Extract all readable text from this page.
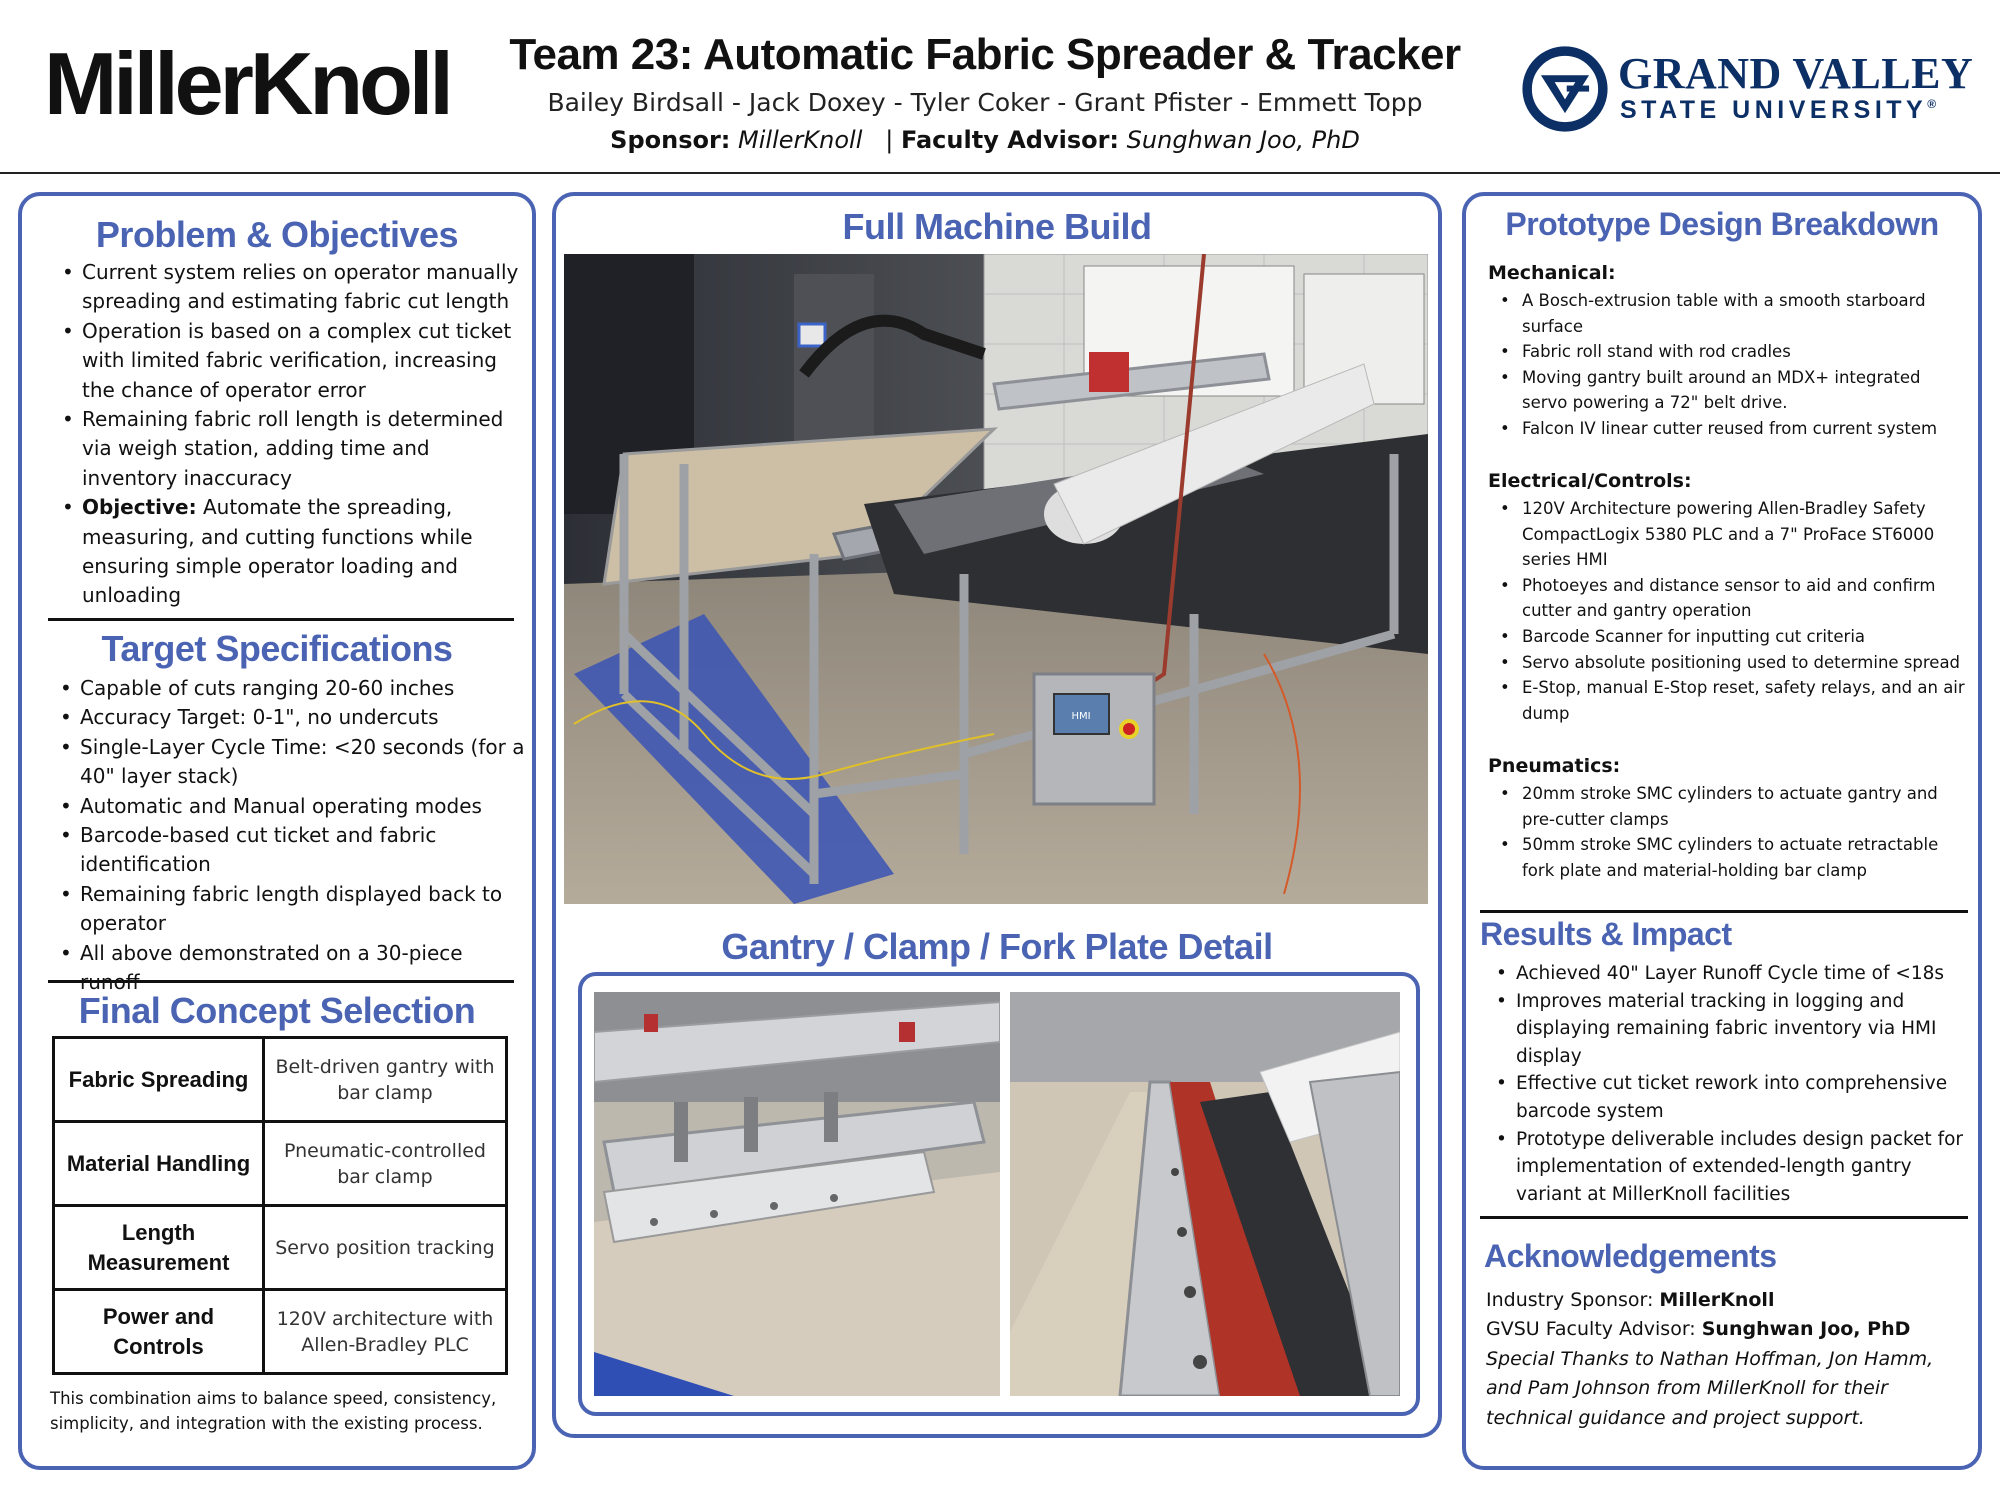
MillerKnoll	Team 23: Automatic Fabric Spreader & Tracker
Bailey Birdsall - Jack Doxey - Tyler Coker - Grant Pfister - Emmett Topp
Sponsor: MillerKnoll | Faculty Advisor: Sunghwan Joo, PhD
GRAND VALLEY
STATE UNIVERSITY®
Problem & Objectives
• Current system relies on operator manually spreading and estimating fabric cut length
• Operation is based on a complex cut ticket with limited fabric verification, increasing the chance of operator error
• Remaining fabric roll length is determined via weigh station, adding time and inventory inaccuracy
• Objective: Automate the spreading, measuring, and cutting functions while ensuring simple operator loading and unloading
Target Specifications
• Capable of cuts ranging 20-60 inches
• Accuracy Target: 0-1", no undercuts
• Single-Layer Cycle Time: <20 seconds (for a 40" layer stack)
• Automatic and Manual operating modes
• Barcode-based cut ticket and fabric identification
• Remaining fabric length displayed back to operator
• All above demonstrated on a 30-piece runoff
Final Concept Selection
Fabric Spreading	Belt-driven gantry with bar clamp
Material Handling	Pneumatic-controlled bar clamp
Length Measurement	Servo position tracking
Power and Controls	120V architecture with Allen-Bradley PLC
This combination aims to balance speed, consistency, simplicity, and integration with the existing process.
Full Machine Build
HMI
Gantry / Clamp / Fork Plate Detail
Prototype Design Breakdown
Mechanical:
• A Bosch-extrusion table with a smooth starboard surface
• Fabric roll stand with rod cradles
• Moving gantry built around an MDX+ integrated servo powering a 72" belt drive.
• Falcon IV linear cutter reused from current system
Electrical/Controls:
• 120V Architecture powering Allen-Bradley Safety CompactLogix 5380 PLC and a 7" ProFace ST6000 series HMI
• Photoeyes and distance sensor to aid and confirm cutter and gantry operation
• Barcode Scanner for inputting cut criteria
• Servo absolute positioning used to determine spread
• E-Stop, manual E-Stop reset, safety relays, and an air dump
Pneumatics:
• 20mm stroke SMC cylinders to actuate gantry and pre-cutter clamps
• 50mm stroke SMC cylinders to actuate retractable fork plate and material-holding bar clamp
Results & Impact
• Achieved 40" Layer Runoff Cycle time of <18s
• Improves material tracking in logging and displaying remaining fabric inventory via HMI display
• Effective cut ticket rework into comprehensive barcode system
• Prototype deliverable includes design packet for implementation of extended-length gantry variant at MillerKnoll facilities
Acknowledgements
Industry Sponsor: MillerKnoll
GVSU Faculty Advisor: Sunghwan Joo, PhD
Special Thanks to Nathan Hoffman, Jon Hamm, and Pam Johnson from MillerKnoll for their technical guidance and project support.
